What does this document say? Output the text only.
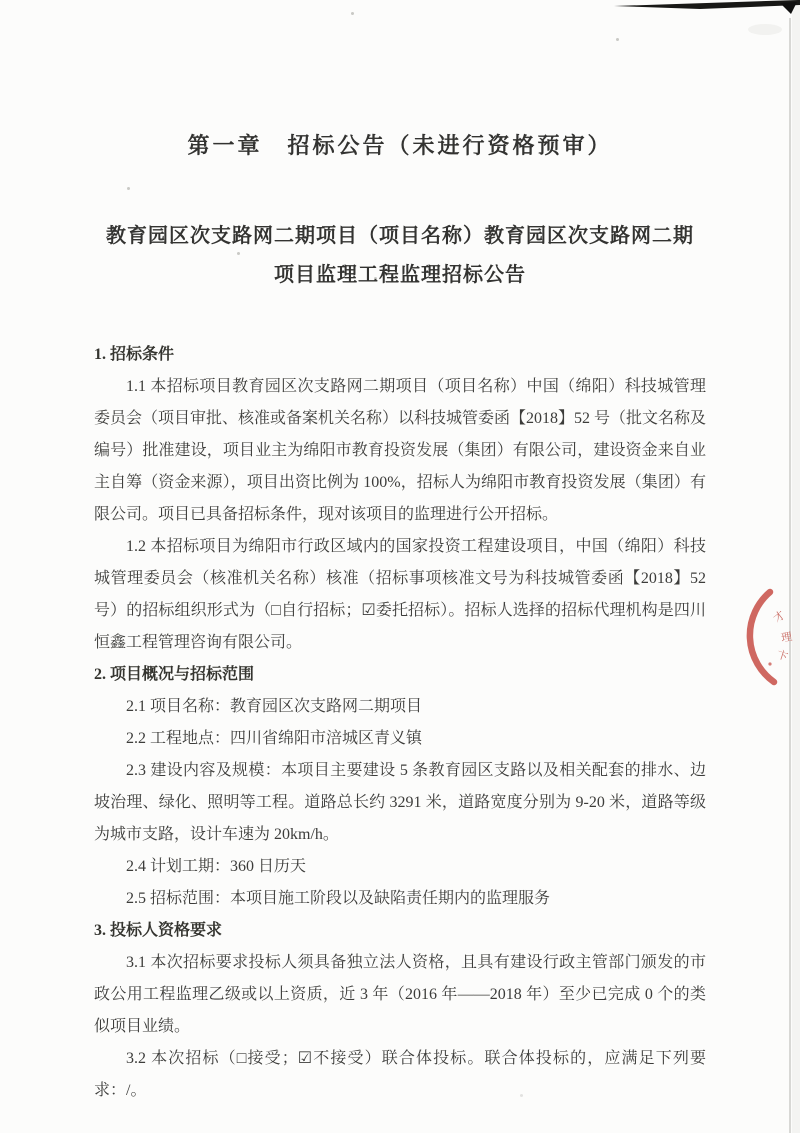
才
理
卞
第一章　招标公告（未进行资格预审）
教育园区次支路网二期项目（项目名称）教育园区次支路网二期
项目监理工程监理招标公告

1. 招标条件

1.1 本招标项目教育园区次支路网二期项目（项目名称）中国（绵阳）科技城管理委员会（项目审批、核准或备案机关名称）以科技城管委函【2018】52 号（批文名称及编号）批准建设，项目业主为绵阳市教育投资发展（集团）有限公司，建设资金来自业主自筹（资金来源），项目出资比例为 100%，招标人为绵阳市教育投资发展（集团）有限公司。项目已具备招标条件，现对该项目的监理进行公开招标。

1.2 本招标项目为绵阳市行政区域内的国家投资工程建设项目，中国（绵阳）科技城管理委员会（核准机关名称）核准（招标事项核准文号为科技城管委函【2018】52 号）的招标组织形式为（□自行招标；☑委托招标）。招标人选择的招标代理机构是四川恒鑫工程管理咨询有限公司。

2. 项目概况与招标范围

2.1 项目名称：教育园区次支路网二期项目

2.2 工程地点：四川省绵阳市涪城区青义镇

2.3 建设内容及规模：本项目主要建设 5 条教育园区支路以及相关配套的排水、边坡治理、绿化、照明等工程。道路总长约 3291 米，道路宽度分别为 9-20 米，道路等级为城市支路，设计车速为 20km/h。

2.4 计划工期：360 日历天

2.5 招标范围：本项目施工阶段以及缺陷责任期内的监理服务

3. 投标人资格要求

3.1 本次招标要求投标人须具备独立法人资格，且具有建设行政主管部门颁发的市政公用工程监理乙级或以上资质，近 3 年（2016 年——2018 年）至少已完成 0 个的类似项目业绩。

3.2 本次招标（□接受；☑不接受）联合体投标。联合体投标的，应满足下列要求：/。
